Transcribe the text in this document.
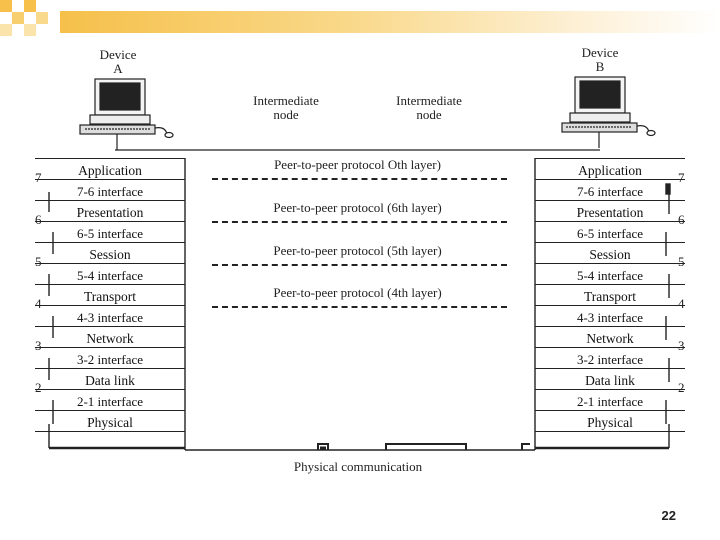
Device
A
Device
B
Intermediate
node
Intermediate
node
Application
7-6 interface
Presentation
6-5 interface
Session
5-4 interface
Transport
4-3 interface
Network
3-2 interface
Data link
2-1 interface
Physical
Application
7-6 interface
Presentation
6-5 interface
Session
5-4 interface
Transport
4-3 interface
Network
3-2 interface
Data link
2-1 interface
Physical
Peer-to-peer protocol Oth layer)
Peer-to-peer protocol (6th layer)
Peer-to-peer protocol (5th layer)
Peer-to-peer protocol (4th layer)
Physical communication
22
7
6
5
4
3
2
7
6
5
4
3
2
